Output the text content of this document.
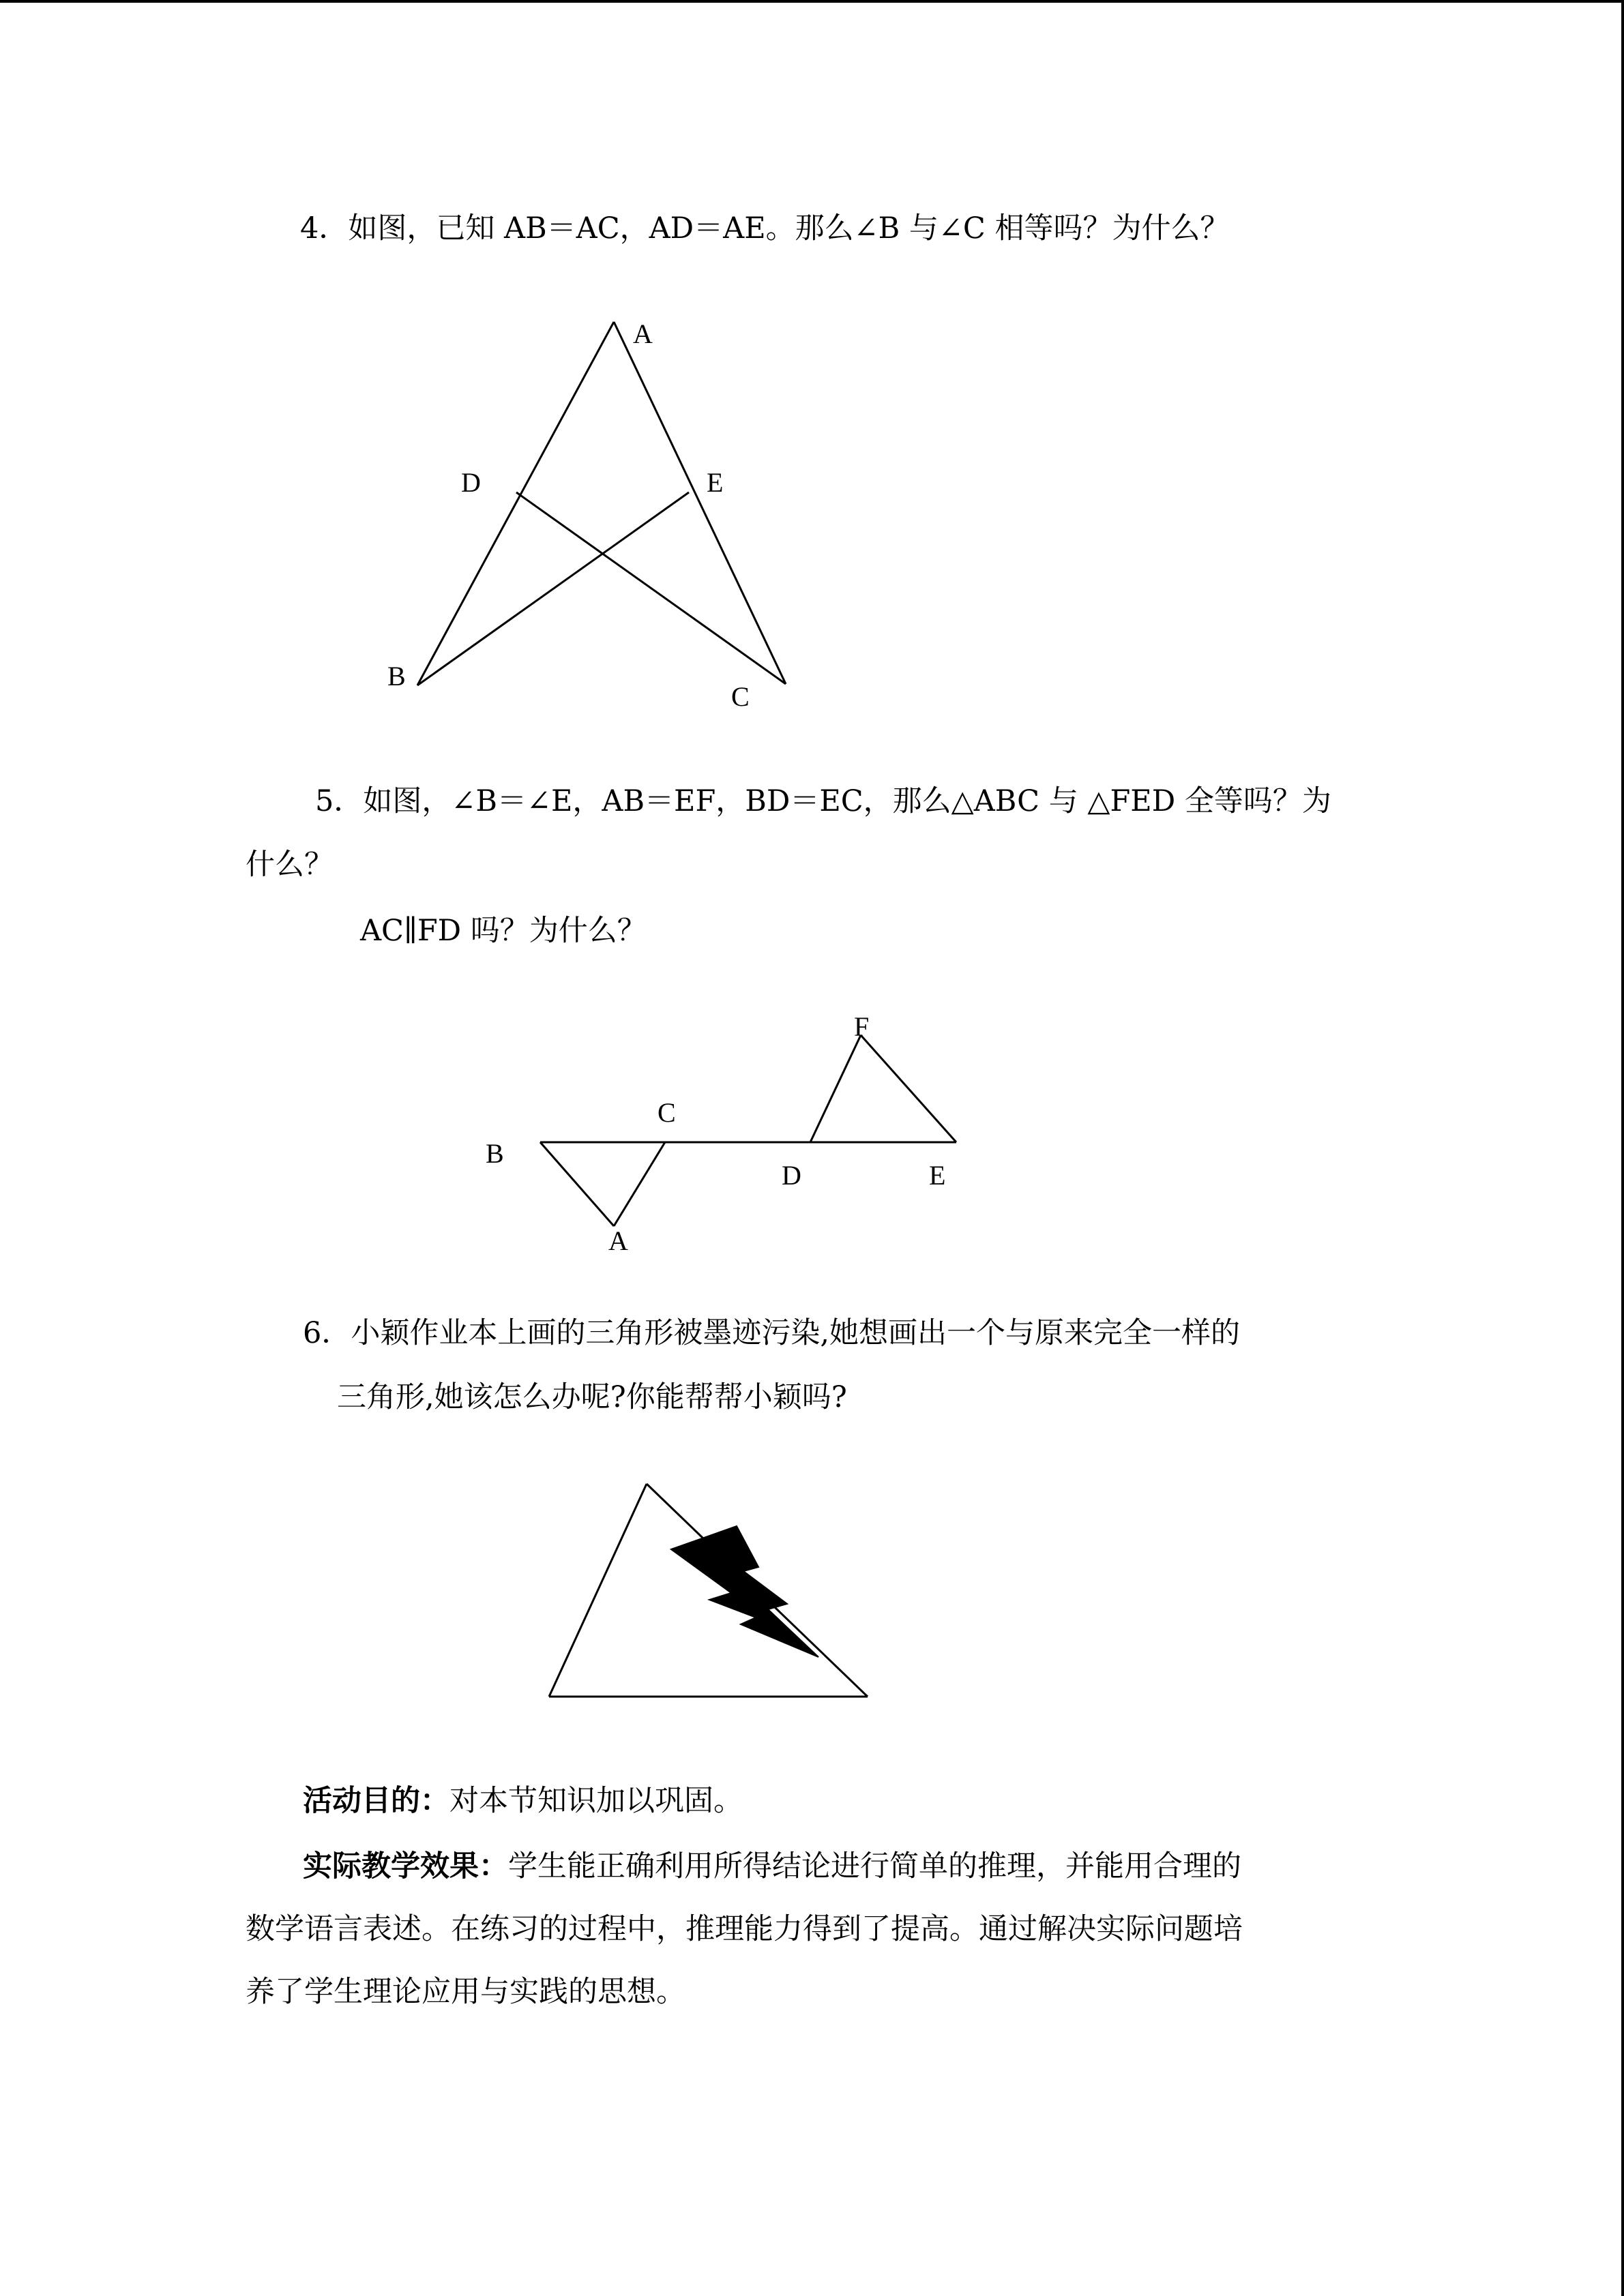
4．如图，已知 AB＝AC，AD＝AE。那么∠B 与∠C 相等吗？为什么？
A
D	E
B
C
5．如图，∠B＝∠E，AB＝EF，BD＝EC，那么△ABC 与 △FED 全等吗？为
什么？
AC∥FD 吗？为什么？
F
C
B
D	E
A
6．小颖作业本上画的三角形被墨迹污染,她想画出一个与原来完全一样的
三角形,她该怎么办呢?你能帮帮小颖吗?
活动目的：对本节知识加以巩固。
实际教学效果：学生能正确利用所得结论进行简单的推理，并能用合理的
数学语言表述。在练习的过程中，推理能力得到了提高。通过解决实际问题培
养了学生理论应用与实践的思想。
